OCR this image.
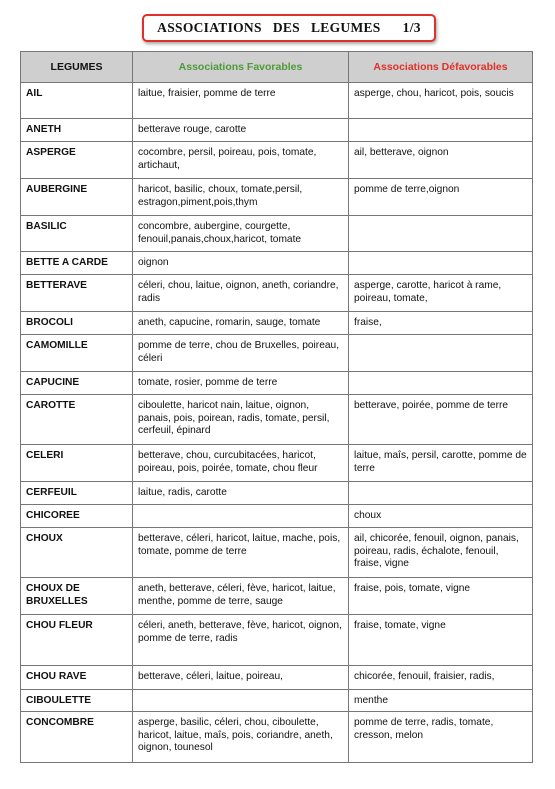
ASSOCIATIONS   DES   LEGUMES      1/3
LEGUMES	Associations Favorables	Associations Défavorables
AIL	laitue, fraisier, pomme de terre	asperge, chou, haricot, pois, soucis
ANETH	betterave rouge, carotte	
ASPERGE	cocombre, persil, poireau, pois, tomate, artichaut,	ail, betterave, oignon
AUBERGINE	haricot, basilic, choux, tomate,persil, estragon,piment,pois,thym	pomme de terre,oignon
BASILIC	concombre, aubergine, courgette, fenouil,panais,choux,haricot, tomate	
BETTE A CARDE	oignon	
BETTERAVE	céleri, chou, laitue, oignon, aneth, coriandre, radis	asperge, carotte, haricot à rame, poireau, tomate,
BROCOLI	aneth, capucine, romarin, sauge, tomate	fraise,
CAMOMILLE	pomme de terre, chou de Bruxelles, poireau, céleri	
CAPUCINE	tomate, rosier, pomme de terre	
CAROTTE	ciboulette, haricot nain, laitue, oignon, panais, pois, poirean, radis, tomate, persil, cerfeuil, épinard	betterave, poirée, pomme de terre
CELERI	betterave, chou, curcubitacées, haricot, poireau, pois, poirée, tomate, chou fleur	laitue, maîs, persil, carotte, pomme de terre
CERFEUIL	laitue, radis, carotte	
CHICOREE		choux
CHOUX	betterave, céleri, haricot, laitue, mache, pois, tomate, pomme de terre	ail, chicorée, fenouil, oignon, panais, poireau, radis, échalote, fenouil, fraise, vigne
CHOUX DE BRUXELLES	aneth, betterave, céleri, fève, haricot, laitue, menthe, pomme de terre, sauge	fraise, pois, tomate, vigne
CHOU FLEUR	céleri, aneth, betterave, fève, haricot, oignon, pomme de terre, radis	fraise, tomate, vigne
CHOU RAVE	betterave, céleri, laitue, poireau,	chicorée, fenouil, fraisier, radis,
CIBOULETTE		menthe
CONCOMBRE	asperge, basilic, céleri, chou, ciboulette, haricot, laitue, maîs, pois, coriandre, aneth, oignon, tounesol	pomme de terre, radis, tomate, cresson, melon
